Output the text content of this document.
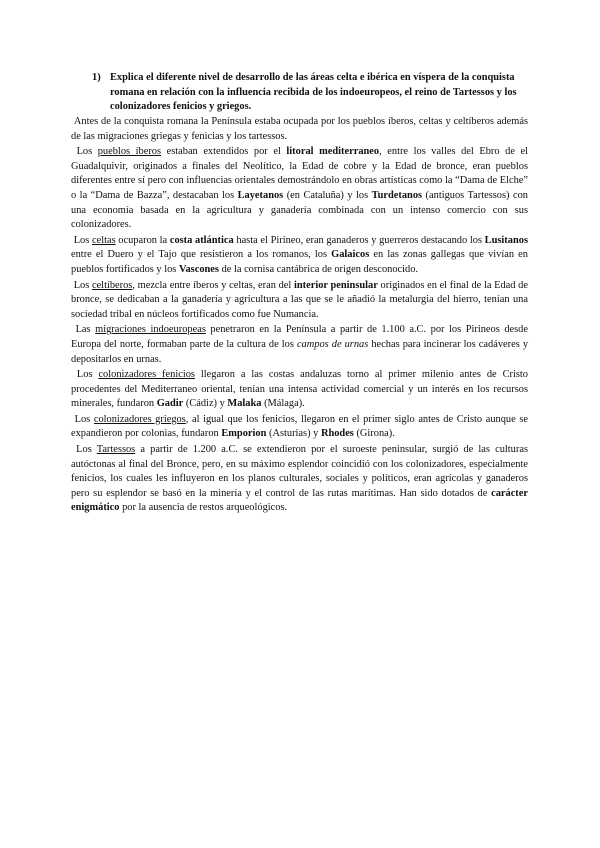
1) Explica el diferente nivel de desarrollo de las áreas celta e ibérica en víspera de la conquista romana en relación con la influencia recibida de los indoeuropeos, el reino de Tartessos y los colonizadores fenicios y griegos.

Antes de la conquista romana la Península estaba ocupada por los pueblos íberos, celtas y celtíberos además de las migraciones griegas y fenicias y los tartessos.

Los pueblos íberos estaban extendidos por el litoral mediterraneo, entre los valles del Ebro de el Guadalquivir, originados a finales del Neolítico, la Edad de cobre y la Edad de bronce, eran pueblos diferentes entre sí pero con influencias orientales demostrándolo en obras artísticas como la “Dama de Elche” o la “Dama de Bazza”, destacaban los Layetanos (en Cataluña) y los Turdetanos (antiguos Tartessos) con una economía basada en la agricultura y ganadería combinada con un intenso comercio con sus colonizadores.

Los celtas ocuparon la costa atlántica hasta el Pirineo, eran ganaderos y guerreros destacando los Lusitanos entre el Duero y el Tajo que resistieron a los romanos, los Galaicos en las zonas gallegas que vivían en pueblos fortificados y los Vascones de la cornisa cantábrica de origen desconocido.

Los celtíberos, mezcla entre íberos y celtas, eran del interior peninsular originados en el final de la Edad de bronce, se dedicaban a la ganadería y agricultura a las que se le añadió la metalurgia del hierro, tenían una sociedad tribal en núcleos fortificados como fue Numancia.

Las migraciones indoeuropeas penetraron en la Península a partir de 1.100 a.C. por los Pirineos desde Europa del norte, formaban parte de la cultura de los campos de urnas hechas para incinerar los cadáveres y depositarlos en urnas.

Los colonizadores fenicios llegaron a las costas andaluzas torno al primer milenio antes de Cristo procedentes del Mediterraneo oriental, tenían una intensa actividad comercial y un interés en los recursos minerales, fundaron Gadir (Cádiz) y Malaka (Málaga).

Los colonizadores griegos, al igual que los fenicios, llegaron en el primer siglo antes de Cristo aunque se expandieron por colonias, fundaron Emporion (Asturias) y Rhodes (Girona).

Los Tartessos a partir de 1.200 a.C. se extendieron por el suroeste peninsular, surgió de las culturas autóctonas al final del Bronce, pero, en su máximo esplendor coincidió con los colonizadores, especialmente fenicios, los cuales les influyeron en los planos culturales, sociales y políticos, eran agrícolas y ganaderos pero su esplendor se basó en la minería y el control de las rutas marítimas. Han sido dotados de carácter enigmático por la ausencia de restos arqueológicos.
